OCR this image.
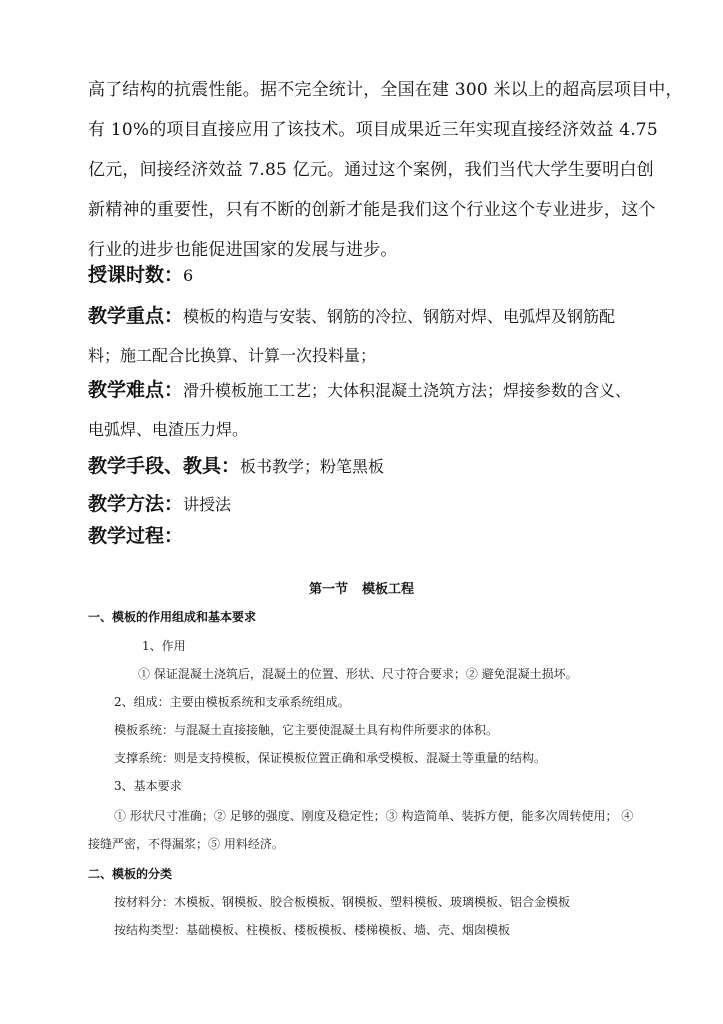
高了结构的抗震性能。据不完全统计，全国在建 300 米以上的超高层项目中，
有 10%的项目直接应用了该技术。项目成果近三年实现直接经济效益 4.75
亿元，间接经济效益 7.85 亿元。通过这个案例，我们当代大学生要明白创
新精神的重要性，只有不断的创新才能是我们这个行业这个专业进步，这个
行业的进步也能促进国家的发展与进步。
授课时数：6
教学重点：模板的构造与安装、钢筋的冷拉、钢筋对焊、电弧焊及钢筋配
料；施工配合比换算、计算一次投料量；
教学难点：滑升模板施工工艺；大体积混凝土浇筑方法；焊接参数的含义、
电弧焊、电渣压力焊。
教学手段、教具：板书教学；粉笔黑板
教学方法：讲授法
教学过程：
第一节 模板工程
一、模板的作用组成和基本要求
1、作用
① 保证混凝土浇筑后，混凝土的位置、形状、尺寸符合要求；② 避免混凝土损坏。
2、组成：主要由模板系统和支承系统组成。
模板系统：与混凝土直接接触，它主要使混凝土具有构件所要求的体积。
支撑系统：则是支持模板，保证模板位置正确和承受模板、混凝土等重量的结构。
3、基本要求
① 形状尺寸准确；② 足够的强度、刚度及稳定性；③ 构造简单、装拆方便，能多次周转使用； ④
接缝严密，不得漏浆；⑤ 用料经济。
二、模板的分类
按材料分：木模板、钢模板、胶合板模板、钢模板、塑料模板、玻璃模板、铝合金模板
按结构类型：基础模板、柱模板、楼板模板、楼梯模板、墙、壳、烟囱模板
